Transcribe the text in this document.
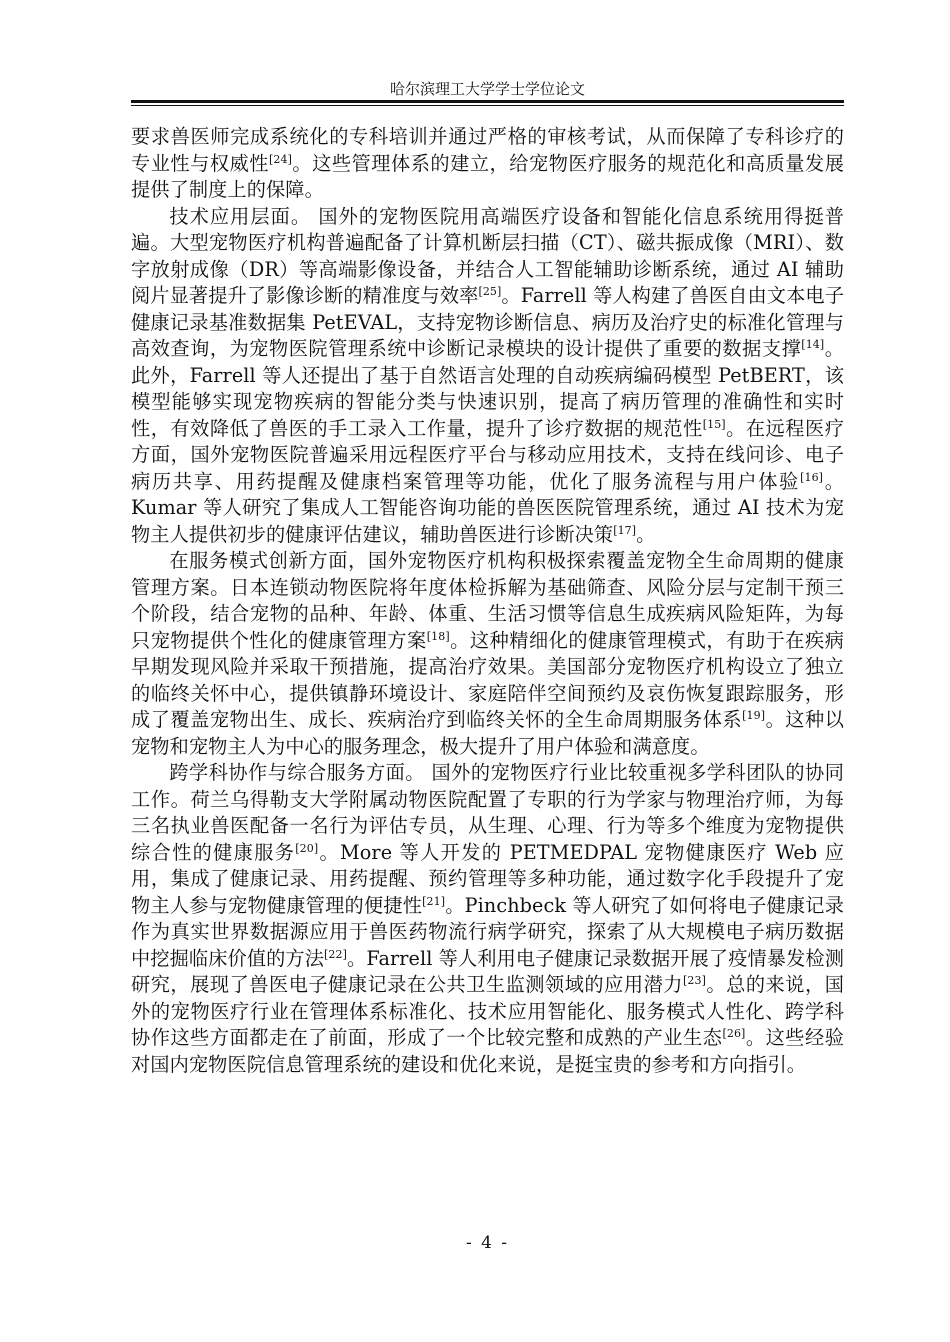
哈尔滨理工大学学士学位论文

要求兽医师完成系统化的专科培训并通过严格的审核考试，从而保障了专科诊疗的专业性与权威性[24]。这些管理体系的建立，给宠物医疗服务的规范化和高质量发展提供了制度上的保障。

技术应用层面。 国外的宠物医院用高端医疗设备和智能化信息系统用得挺普遍。大型宠物医疗机构普遍配备了计算机断层扫描（CT）、磁共振成像（MRI）、数字放射成像（DR）等高端影像设备，并结合人工智能辅助诊断系统，通过 AI 辅助阅片显著提升了影像诊断的精准度与效率[25]。Farrell 等人构建了兽医自由文本电子健康记录基准数据集 PetEVAL，支持宠物诊断信息、病历及治疗史的标准化管理与高效查询，为宠物医院管理系统中诊断记录模块的设计提供了重要的数据支撑[14]。此外，Farrell 等人还提出了基于自然语言处理的自动疾病编码模型 PetBERT，该模型能够实现宠物疾病的智能分类与快速识别，提高了病历管理的准确性和实时性，有效降低了兽医的手工录入工作量，提升了诊疗数据的规范性[15]。在远程医疗方面，国外宠物医院普遍采用远程医疗平台与移动应用技术，支持在线问诊、电子病历共享、用药提醒及健康档案管理等功能，优化了服务流程与用户体验[16]。Kumar 等人研究了集成人工智能咨询功能的兽医医院管理系统，通过 AI 技术为宠物主人提供初步的健康评估建议，辅助兽医进行诊断决策[17]。

在服务模式创新方面，国外宠物医疗机构积极探索覆盖宠物全生命周期的健康管理方案。日本连锁动物医院将年度体检拆解为基础筛查、风险分层与定制干预三个阶段，结合宠物的品种、年龄、体重、生活习惯等信息生成疾病风险矩阵，为每只宠物提供个性化的健康管理方案[18]。这种精细化的健康管理模式，有助于在疾病早期发现风险并采取干预措施，提高治疗效果。美国部分宠物医疗机构设立了独立的临终关怀中心，提供镇静环境设计、家庭陪伴空间预约及哀伤恢复跟踪服务，形成了覆盖宠物出生、成长、疾病治疗到临终关怀的全生命周期服务体系[19]。这种以宠物和宠物主人为中心的服务理念，极大提升了用户体验和满意度。

跨学科协作与综合服务方面。 国外的宠物医疗行业比较重视多学科团队的协同工作。荷兰乌得勒支大学附属动物医院配置了专职的行为学家与物理治疗师，为每三名执业兽医配备一名行为评估专员，从生理、心理、行为等多个维度为宠物提供综合性的健康服务[20]。More 等人开发的 PETMEDPAL 宠物健康医疗 Web 应用，集成了健康记录、用药提醒、预约管理等多种功能，通过数字化手段提升了宠物主人参与宠物健康管理的便捷性[21]。Pinchbeck 等人研究了如何将电子健康记录作为真实世界数据源应用于兽医药物流行病学研究，探索了从大规模电子病历数据中挖掘临床价值的方法[22]。Farrell 等人利用电子健康记录数据开展了疫情暴发检测研究，展现了兽医电子健康记录在公共卫生监测领域的应用潜力[23]。总的来说，国外的宠物医疗行业在管理体系标准化、技术应用智能化、服务模式人性化、跨学科协作这些方面都走在了前面，形成了一个比较完整和成熟的产业生态[26]。这些经验对国内宠物医院信息管理系统的建设和优化来说，是挺宝贵的参考和方向指引。

- 4 -
